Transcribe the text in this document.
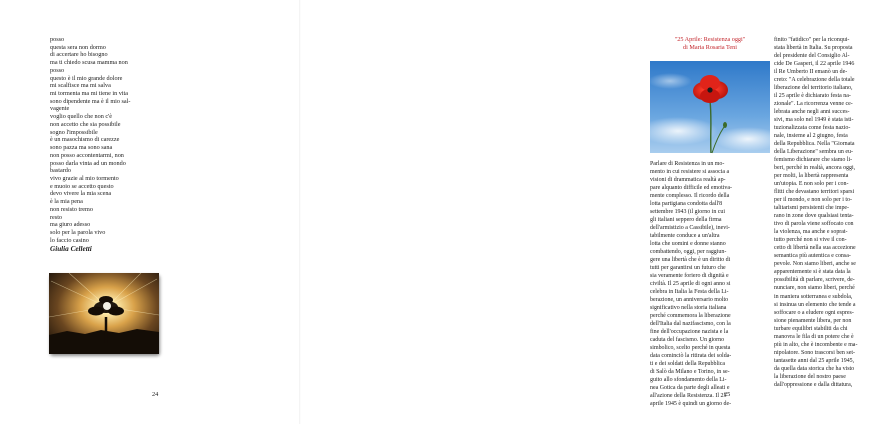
posso
questa sera non dormo
di accertare ho bisogno
ma ti chiedo scusa mamma non
posso
questo è il mio grande dolore
mi scalfisce ma mi salva
mi tormenta ma mi tiene in vita
sono dipendente ma è il mio sal-
vagente
voglio quello che non c'è
non accetto che sia possibile
sogno l'impossibile
è un masochismo di carezze
sono pazza ma sono sana
non posso accontentarmi, non
posso darla vinta ad un mondo
bastardo
vivo grazie al mio tormento
e muoio se accetto questo
devo vivere la mia scena
è la mia pena
non resisto tremo
resto
ma giuro adesso
solo per la parola vivo
lo faccio casino
Giulia Celletti
24
"25 Aprile: Resistenza oggi"
di Maria Rosaria Teni
Parlare di Resistenza in un mo-
mento in cui resistere si associa a
visioni di drammatica realtà ap-
pare alquanto difficile ed emotiva-
mente complesso. Il ricordo della
lotta partigiana condotta dall'8
settembre 1943 (il giorno in cui
gli italiani seppero della firma
dell'armistizio a Cassibile), inevi-
tabilmente conduce a un'altra
lotta che uomini e donne stanno
combattendo, oggi, per raggiun-
gere una libertà che è un diritto di
tutti per garantirsi un futuro che
sia veramente foriero di dignità e
civiltà. Il 25 aprile di ogni anno si
celebra in Italia la Festa della Li-
berazione, un anniversario molto
significativo nella storia italiana
perché commemora la liberazione
dell'Italia dal nazifascismo, con la
fine dell'occupazione nazista e la
caduta del fascismo. Un giorno
simbolico, scelto perché in questa
data cominciò la ritirata dei solda-
ti e dei soldati della Repubblica
di Salò da Milano e Torino, in se-
guito allo sfondamento della Li-
nea Gotica da parte degli alleati e
all'azione della Resistenza. Il 25
aprile 1945 è quindi un giorno de-
finito "fatidico" per la riconqui-
stata libertà in Italia. Su proposta
del presidente del Consiglio Al-
cide De Gasperi, il 22 aprile 1946
il Re Umberto II emanò un de-
creto: "A celebrazione della totale
liberazione del territorio italiano,
il 25 aprile è dichiarato festa na-
zionale". La ricorrenza venne ce-
lebrata anche negli anni succes-
sivi, ma solo nel 1949 è stata isti-
tuzionalizzata come festa nazio-
nale, insieme al 2 giugno, festa
della Repubblica. Nella "Giornata
della Liberazione" sembra un eu-
femismo dichiarare che siamo li-
beri, perché in realtà, ancora oggi,
per molti, la libertà rappresenta
un'utopia. E non solo per i con-
flitti che devastano territori sparsi
per il mondo, e non solo per i to-
talitarismi persistenti che impe-
rano in zone dove qualsiasi tenta-
tivo di parola viene soffocato con
la violenza, ma anche e soprat-
tutto perché non si vive il con-
cetto di libertà nella sua accezione
semantica più autentica e consa-
pevole. Non siamo liberi, anche se
apparentemente si è stata data la
possibilità di parlare, scrivere, de-
nunciare, non siamo liberi, perché
in maniera sotterranea e subdola,
si insinua un elemento che tende a
soffocare o a eludere ogni espres-
sione pienamente libera, per non
turbare equilibri stabiliti da chi
manovra le fila di un potere che è
più in alto, che è incombente e ma-
nipolatore. Sono trascorsi ben set-
tantasette anni dal 25 aprile 1945,
da quella data storica che ha visto
la liberazione del nostro paese
dall'oppressione e dalla dittatura,
25
